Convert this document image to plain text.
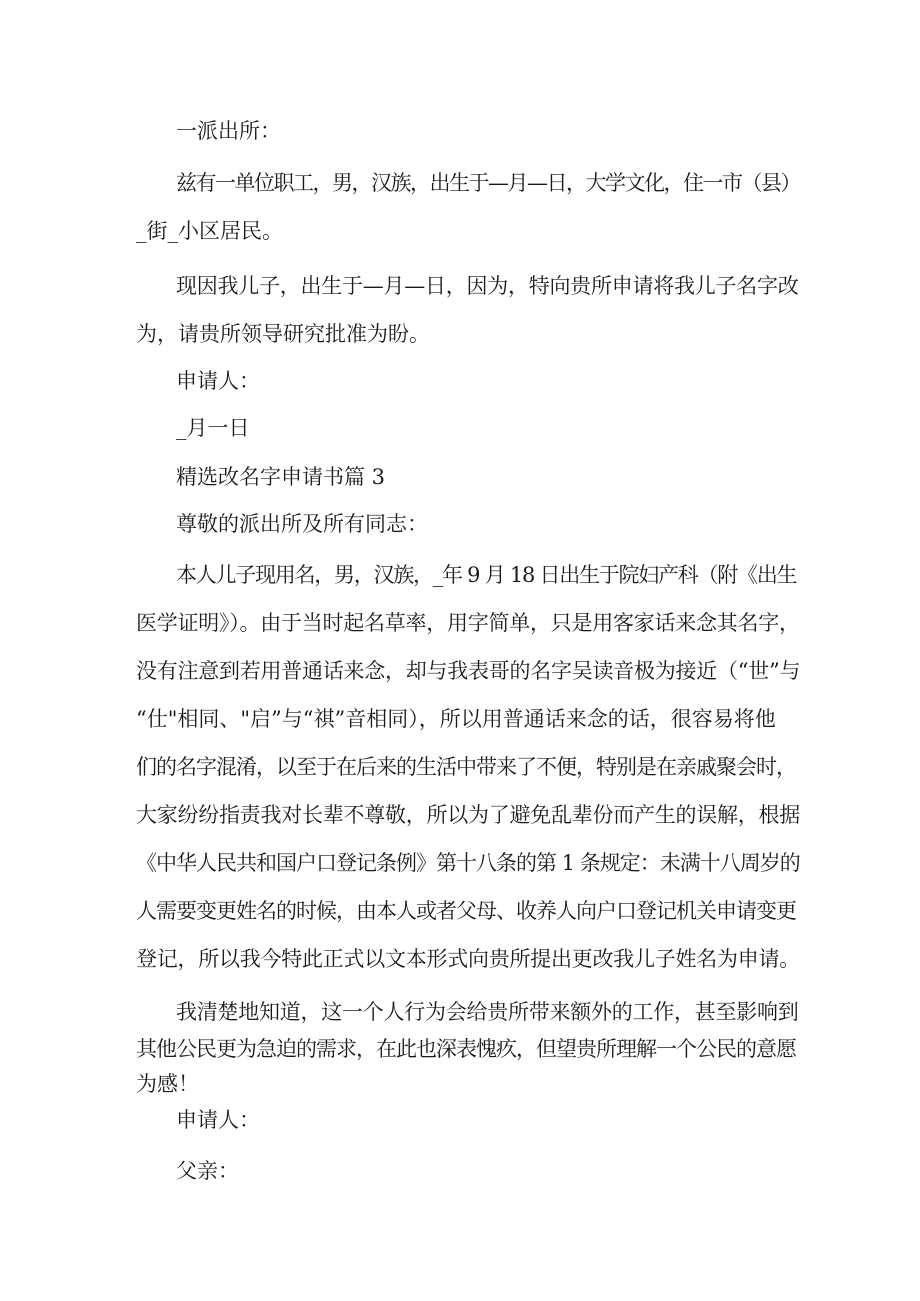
一派出所：
兹有一单位职工，男，汉族，出生于—月—日，大学文化，住一市（县）
_街_小区居民。
现因我儿子，出生于—月—日，因为，特向贵所申请将我儿子名字改
为，请贵所领导研究批准为盼。
申请人：
_月一日
精选改名字申请书篇 3
尊敬的派出所及所有同志：
本人儿子现用名，男，汉族，_年 9 月 18 日出生于院妇产科（附《出生
医学证明》）。由于当时起名草率，用字简单，只是用客家话来念其名字，
没有注意到若用普通话来念，却与我表哥的名字吴读音极为接近（“世”与
“仕"相同、"启”与“祺”音相同），所以用普通话来念的话，很容易将他
们的名字混淆，以至于在后来的生活中带来了不便，特别是在亲戚聚会时，
大家纷纷指责我对长辈不尊敬，所以为了避免乱辈份而产生的误解，根据
《中华人民共和国户口登记条例》第十八条的第 1 条规定：未满十八周岁的
人需要变更姓名的时候，由本人或者父母、收养人向户口登记机关申请变更
登记，所以我今特此正式以文本形式向贵所提出更改我儿子姓名为申请。
我清楚地知道，这一个人行为会给贵所带来额外的工作，甚至影响到
其他公民更为急迫的需求，在此也深表愧疚，但望贵所理解一个公民的意愿
为感！
申请人：
父亲：
